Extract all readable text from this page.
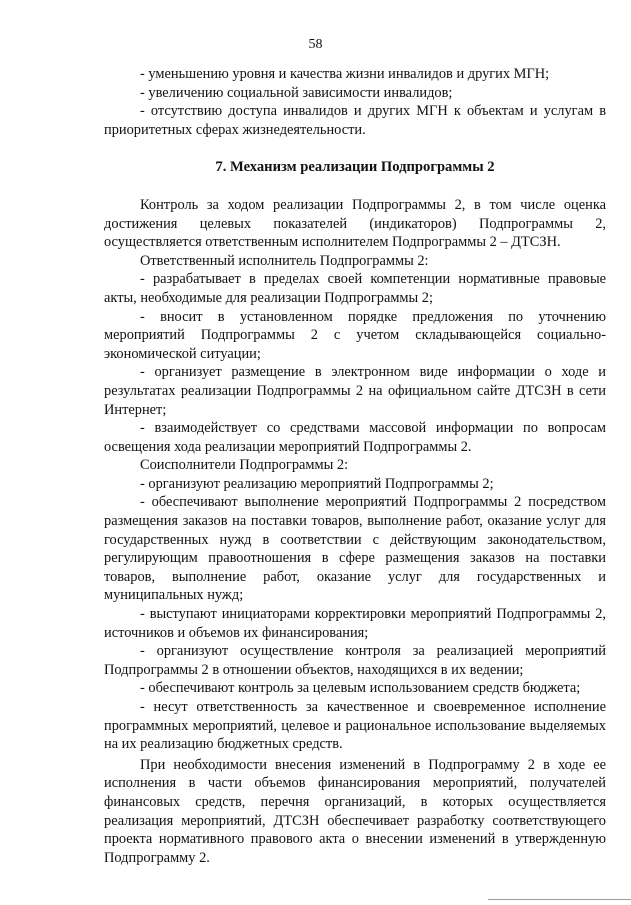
58

- уменьшению уровня и качества жизни инвалидов и других МГН;

- увеличению социальной зависимости инвалидов;

- отсутствию доступа инвалидов и других МГН к объектам и услугам в приоритетных сферах жизнедеятельности.

7. Механизм реализации Подпрограммы 2

Контроль за ходом реализации Подпрограммы 2, в том числе оценка достижения целевых показателей (индикаторов) Подпрограммы 2, осуществляется ответственным исполнителем Подпрограммы 2 – ДТСЗН.

Ответственный исполнитель Подпрограммы 2:

- разрабатывает в пределах своей компетенции нормативные правовые акты, необходимые для реализации Подпрограммы 2;

- вносит в установленном порядке предложения по уточнению мероприятий Подпрограммы 2 с учетом складывающейся социально-экономической ситуации;

- организует размещение в электронном виде информации о ходе и результатах реализации Подпрограммы 2 на официальном сайте ДТСЗН в сети Интернет;

- взаимодействует со средствами массовой информации по вопросам освещения хода реализации мероприятий Подпрограммы 2.

Соисполнители Подпрограммы 2:

- организуют реализацию мероприятий Подпрограммы 2;

- обеспечивают выполнение мероприятий Подпрограммы 2 посредством размещения заказов на поставки товаров, выполнение работ, оказание услуг для государственных нужд в соответствии с действующим законодательством, регулирующим правоотношения в сфере размещения заказов на поставки товаров, выполнение работ, оказание услуг для государственных и муниципальных нужд;

- выступают инициаторами корректировки мероприятий Подпрограммы 2, источников и объемов их финансирования;

- организуют осуществление контроля за реализацией мероприятий Подпрограммы 2 в отношении объектов, находящихся в их ведении;

- обеспечивают контроль за целевым использованием средств бюджета;

- несут ответственность за качественное и своевременное исполнение программных мероприятий, целевое и рациональное использование выделяемых на их реализацию бюджетных средств.

При необходимости внесения изменений в Подпрограмму 2 в ходе ее исполнения в части объемов финансирования мероприятий, получателей финансовых средств, перечня организаций, в которых осуществляется реализация мероприятий, ДТСЗН обеспечивает разработку соответствующего проекта нормативного правового акта о внесении изменений в утвержденную Подпрограмму 2.
